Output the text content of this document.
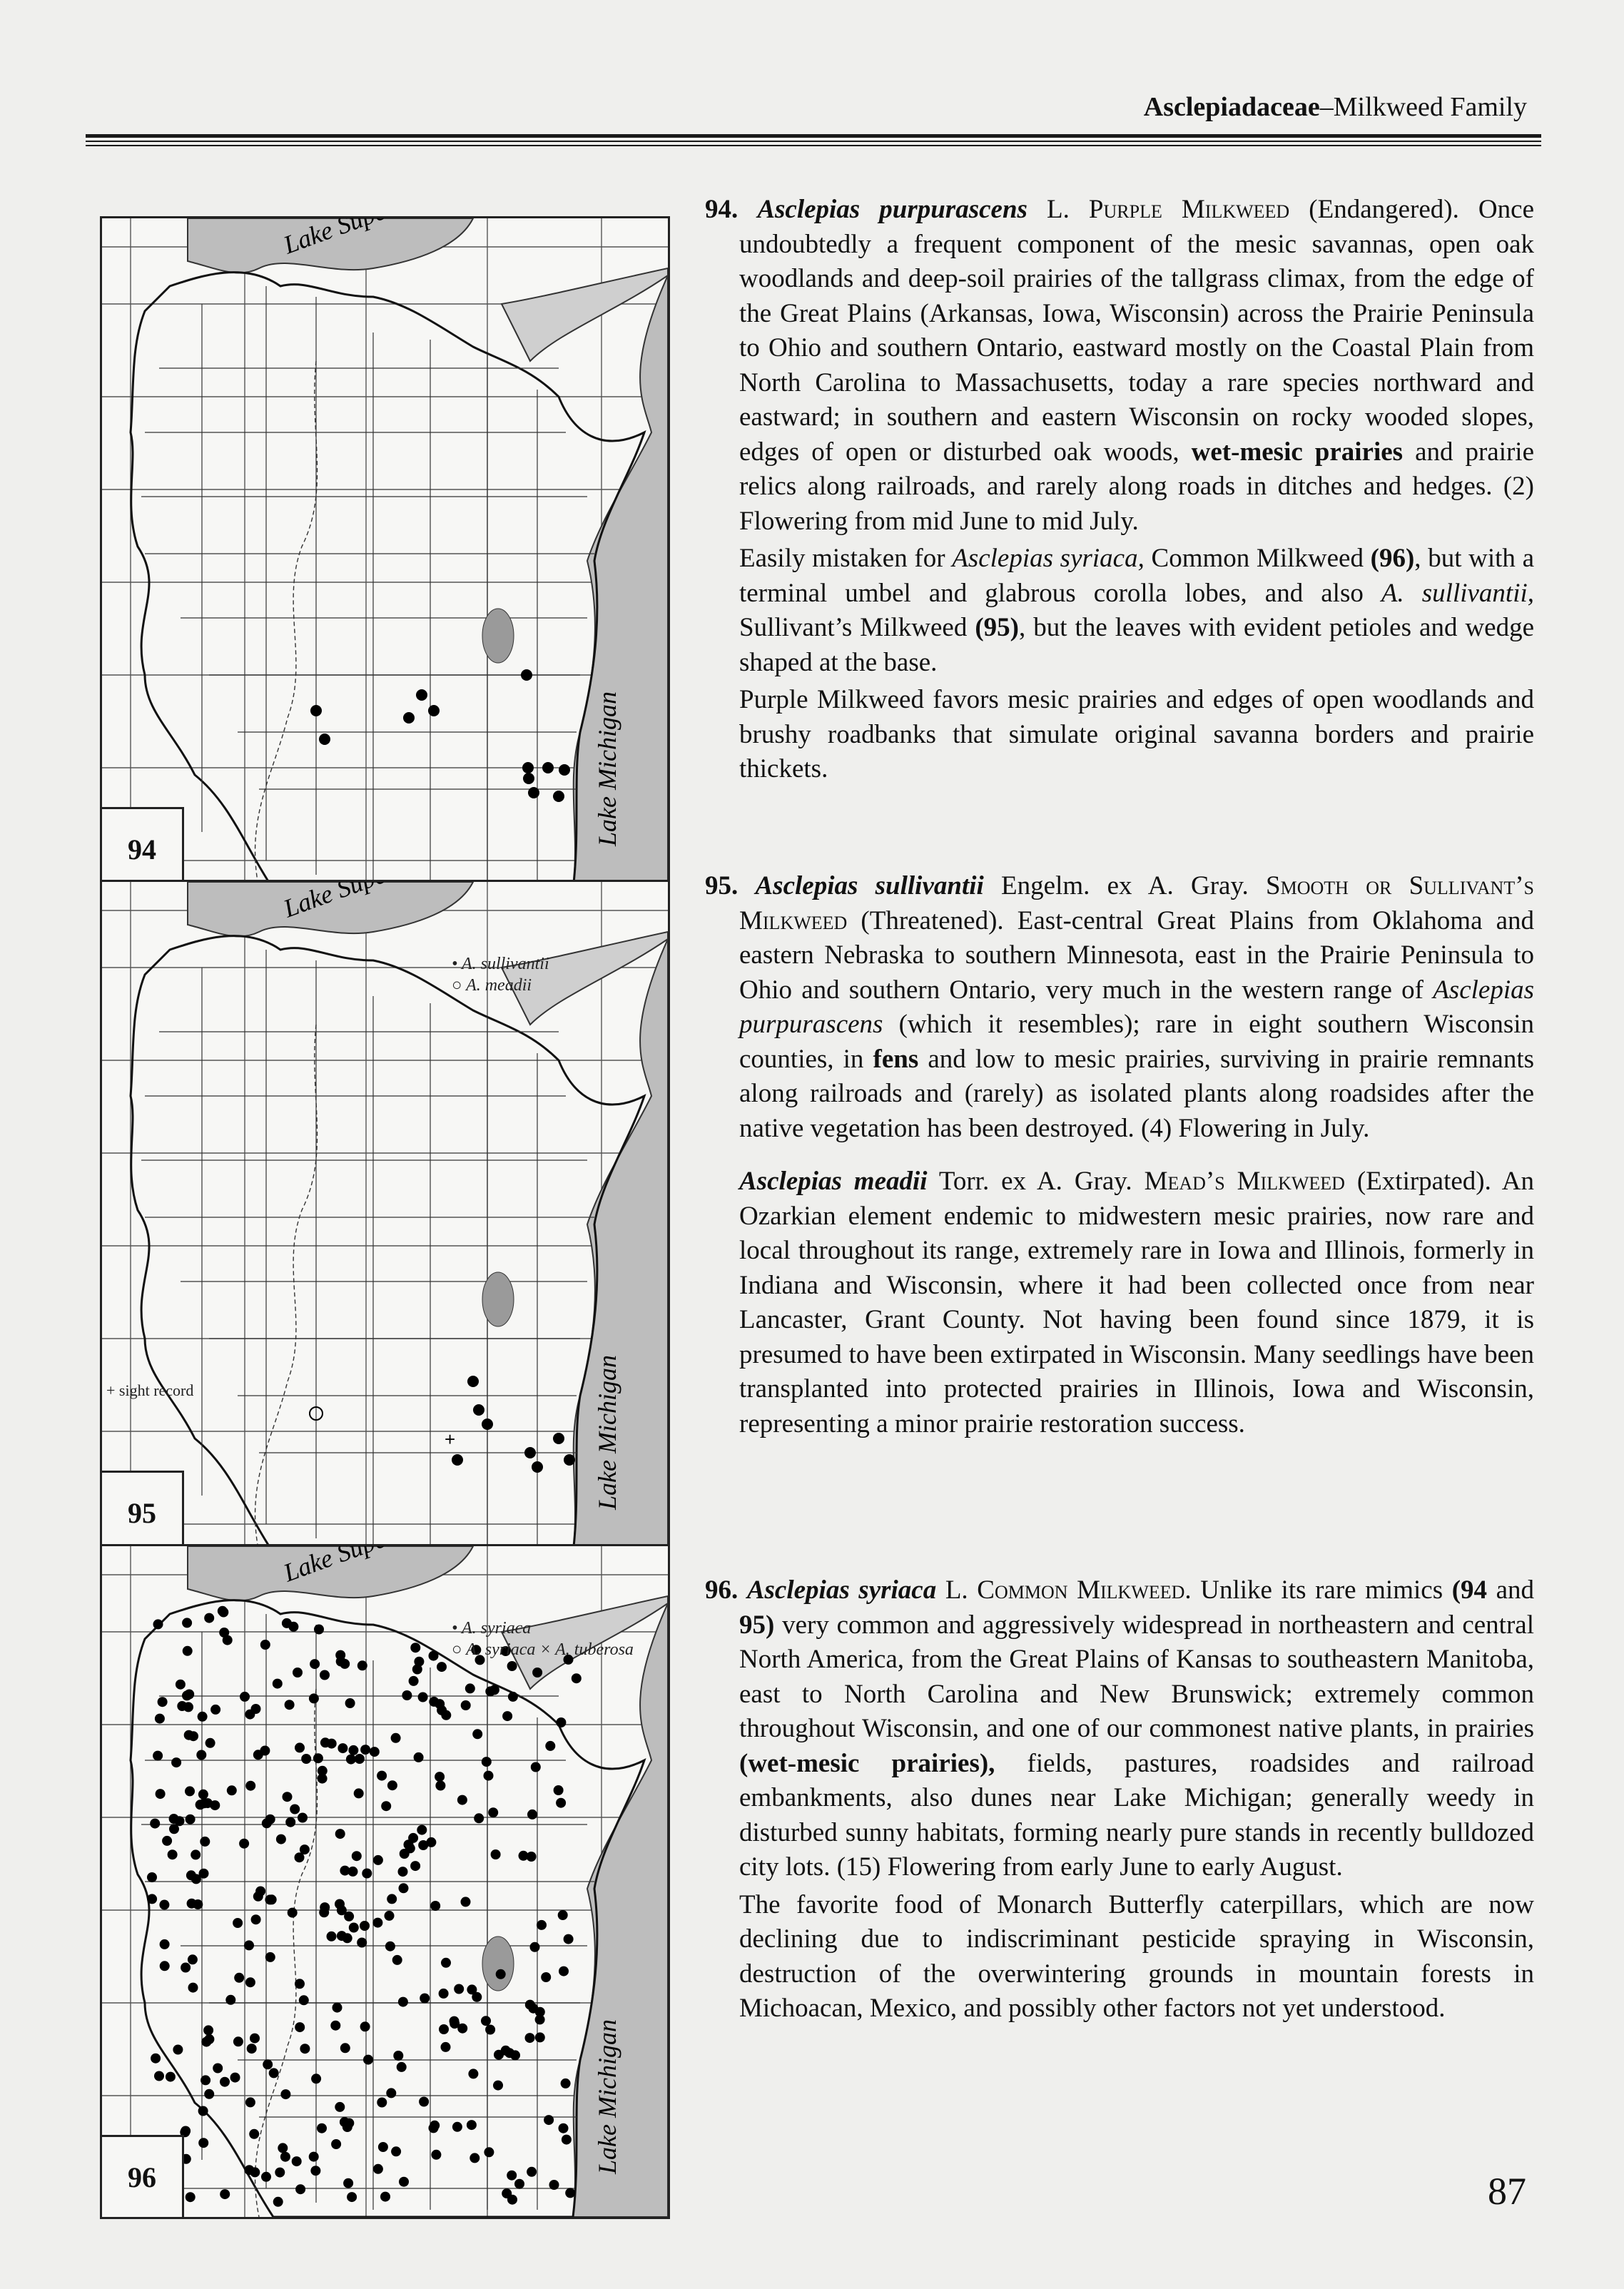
Asclepiadaceae–Milkweed Family
Lake Michigan
94
Lake Michigan
+
• A. sullivantii
○ A. meadii
+ sight record
95
Lake Michigan
• A. syriaca
○ A. syriaca × A. tuberosa
96

94. Asclepias purpurascens L. Purple Milkweed (Endangered). Once undoubtedly a frequent component of the mesic savannas, open oak woodlands and deep-soil prairies of the tallgrass climax, from the edge of the Great Plains (Arkansas, Iowa, Wisconsin) across the Prairie Peninsula to Ohio and southern Ontario, eastward mostly on the Coastal Plain from North Carolina to Massachusetts, today a rare species northward and eastward; in southern and eastern Wisconsin on rocky wooded slopes, edges of open or disturbed oak woods, wet-mesic prairies and prairie relics along railroads, and rarely along roads in ditches and hedges. (2) Flowering from mid June to mid July.

Easily mistaken for Asclepias syriaca, Common Milkweed (96), but with a terminal umbel and glabrous corolla lobes, and also A. sullivantii, Sullivant’s Milkweed (95), but the leaves with evident petioles and wedge shaped at the base.

Purple Milkweed favors mesic prairies and edges of open woodlands and brushy roadbanks that simulate original savanna borders and prairie thickets.

95. Asclepias sullivantii Engelm. ex A. Gray. Smooth or Sullivant’s Milkweed (Threatened). East-central Great Plains from Oklahoma and eastern Nebraska to southern Minnesota, east in the Prairie Peninsula to Ohio and southern Ontario, very much in the western range of Asclepias purpurascens (which it resembles); rare in eight southern Wisconsin counties, in fens and low to mesic prairies, surviving in prairie remnants along railroads and (rarely) as isolated plants along roadsides after the native vegetation has been destroyed. (4) Flowering in July.

Asclepias meadii Torr. ex A. Gray. Mead’s Milkweed (Extirpated). An Ozarkian element endemic to midwestern mesic prairies, now rare and local throughout its range, extremely rare in Iowa and Illinois, formerly in Indiana and Wisconsin, where it had been collected once from near Lancaster, Grant County. Not having been found since 1879, it is presumed to have been extirpated in Wisconsin. Many seedlings have been transplanted into protected prairies in Illinois, Iowa and Wisconsin, representing a minor prairie restoration success.

96. Asclepias syriaca L. Common Milkweed. Unlike its rare mimics (94 and 95) very common and aggressively widespread in northeastern and central North America, from the Great Plains of Kansas to southeastern Manitoba, east to North Carolina and New Brunswick; extremely common throughout Wisconsin, and one of our commonest native plants, in prairies (wet-mesic prairies), fields, pastures, roadsides and railroad embankments, also dunes near Lake Michigan; generally weedy in disturbed sunny habitats, forming nearly pure stands in recently bulldozed city lots. (15) Flowering from early June to early August.

The favorite food of Monarch Butterfly caterpillars, which are now declining due to indiscriminant pesticide spraying in Wisconsin, destruction of the overwintering grounds in mountain forests in Michoacan, Mexico, and possibly other factors not yet understood.

87
